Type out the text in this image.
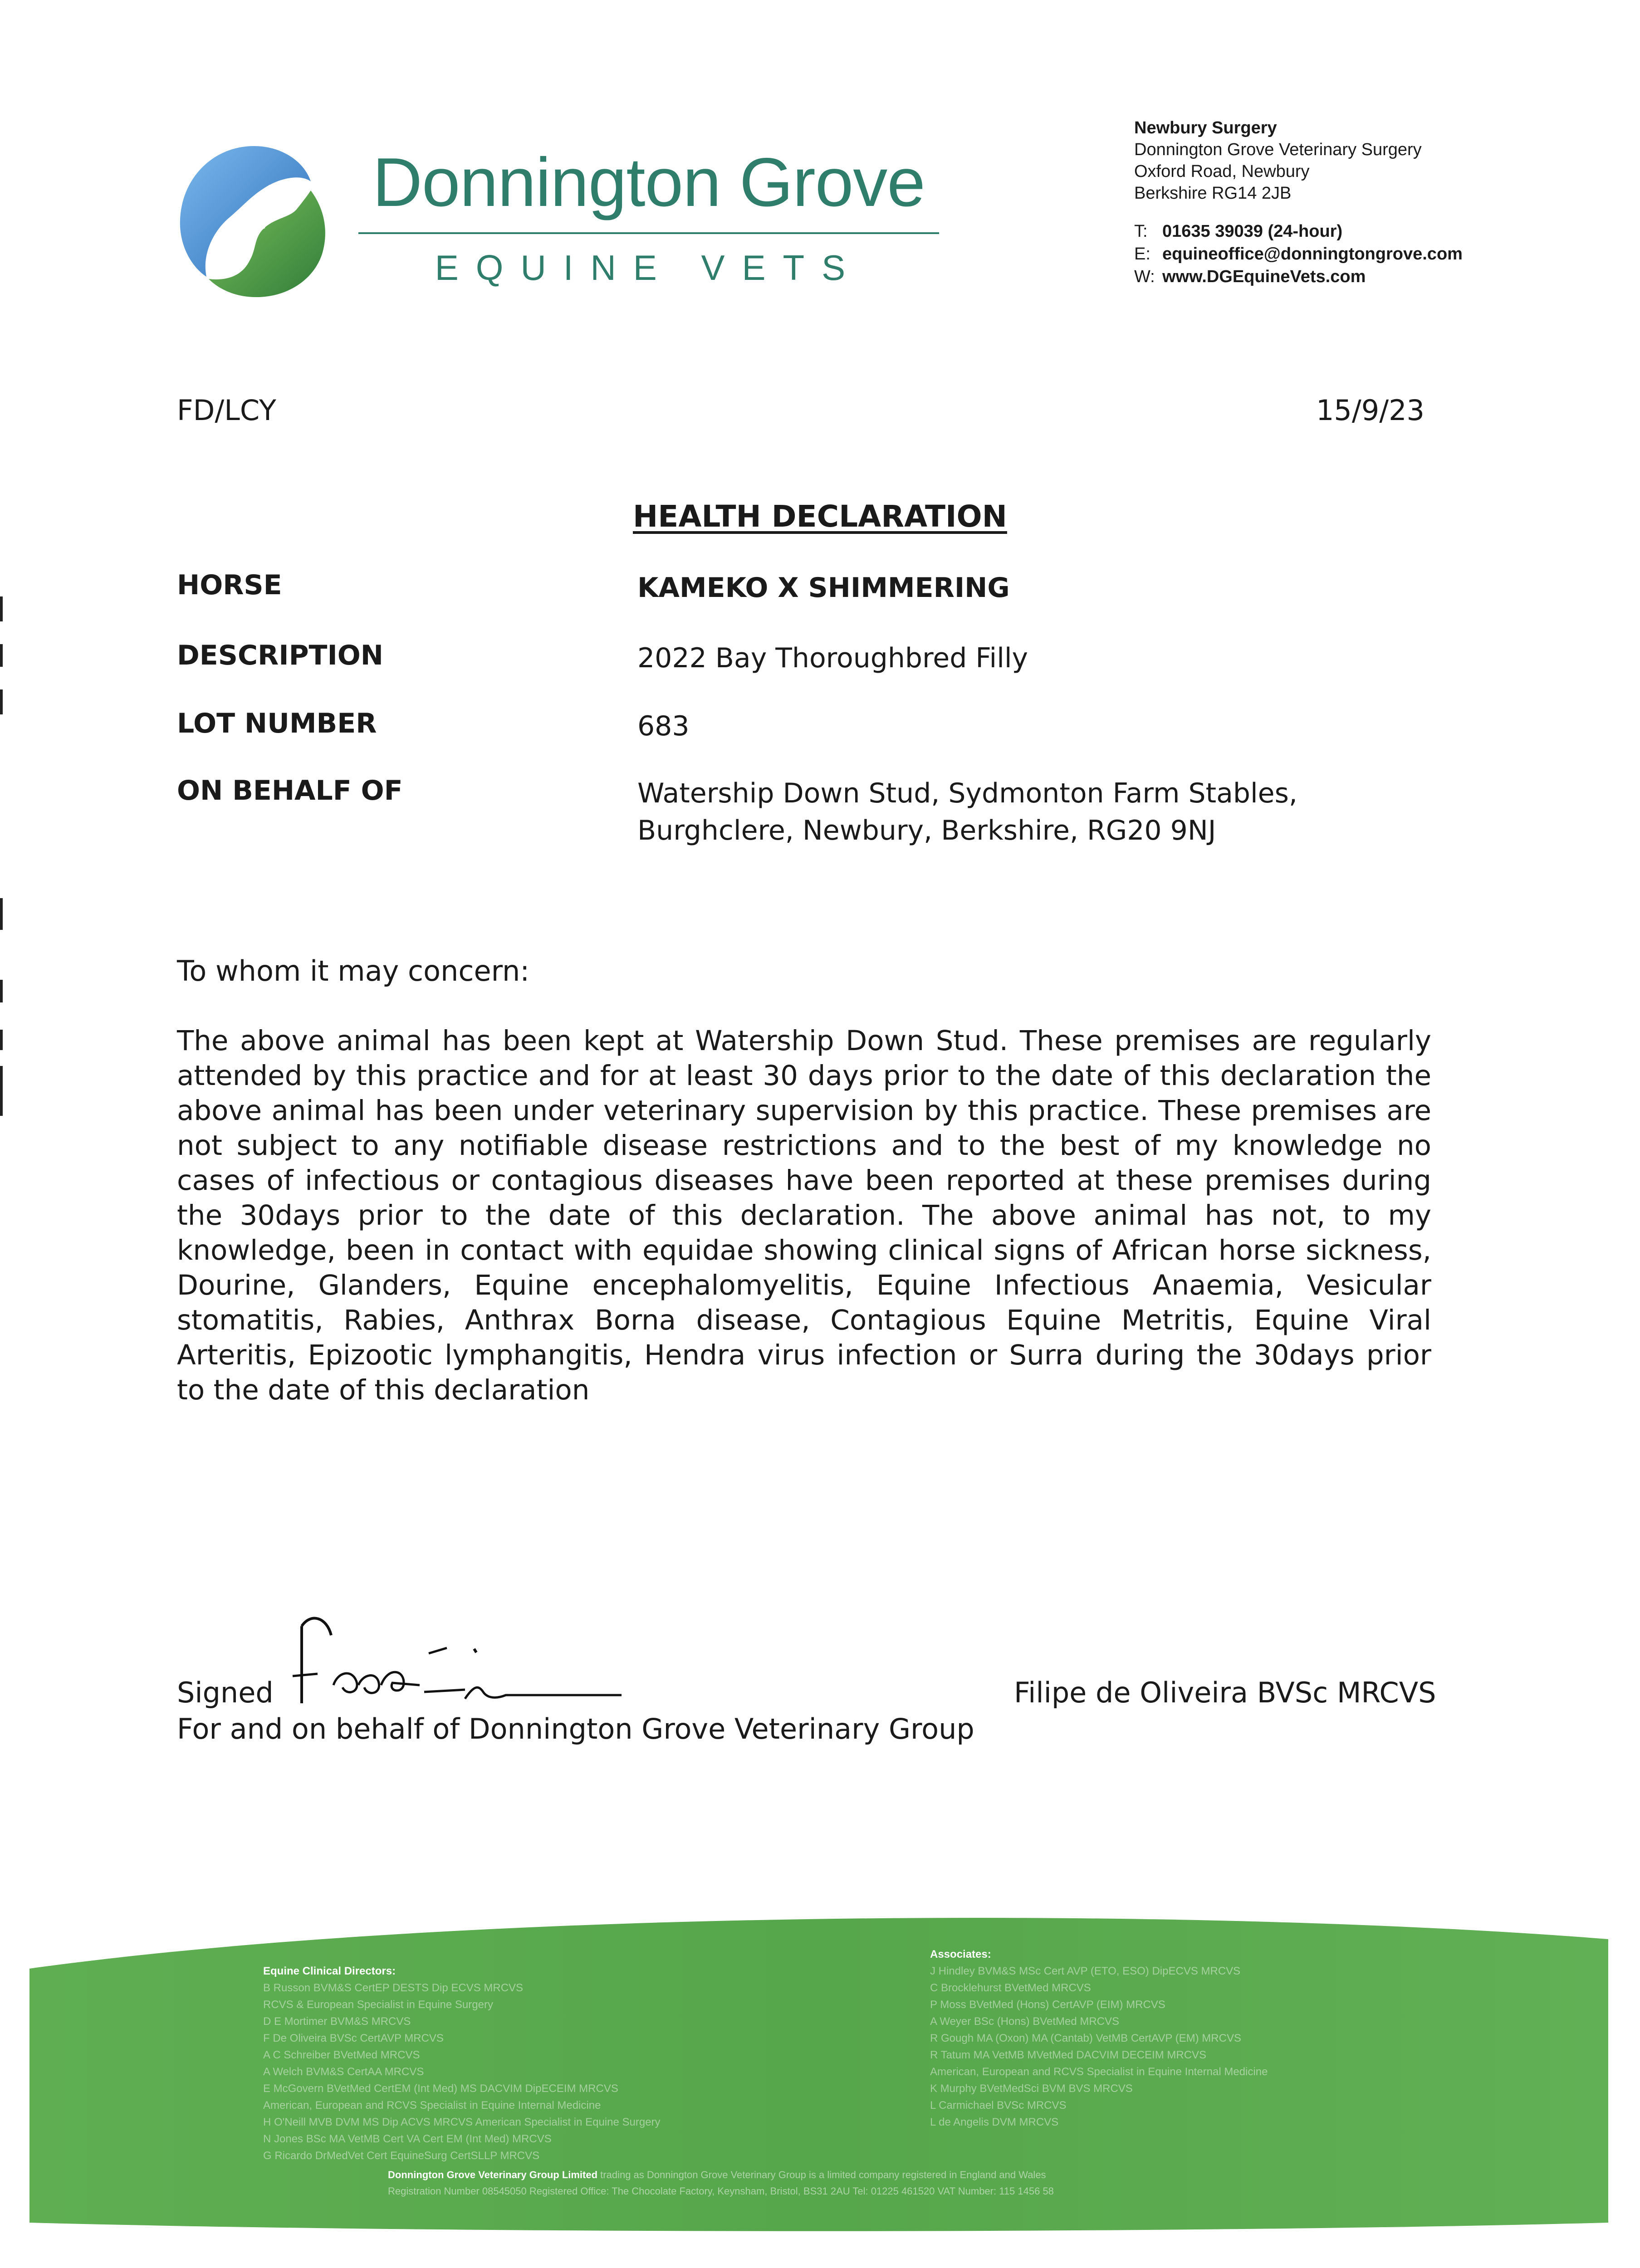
Donnington Grove
EQUINE VETS
Newbury Surgery
Donnington Grove Veterinary Surgery
Oxford Road, Newbury
Berkshire RG14 2JB
T: 01635 39039 (24-hour)
E: equineoffice@donningtongrove.com
W: www.DGEquineVets.com
FD/LCY	15/9/23
HEALTH DECLARATION
HORSE	KAMEKO X SHIMMERING
DESCRIPTION	2022 Bay Thoroughbred Filly
LOT NUMBER	683
ON BEHALF OF	Watership Down Stud, Sydmonton Farm Stables,
Burghclere, Newbury, Berkshire, RG20 9NJ
To whom it may concern:
The above animal has been kept at Watership Down Stud. These premises are regularly attended by this practice and for at least 30 days prior to the date of this declaration the above animal has been under veterinary supervision by this practice. These premises are not subject to any notifiable disease restrictions and to the best of my knowledge no cases of infectious or contagious diseases have been reported at these premises during the 30days prior to the date of this declaration. The above animal has not, to my knowledge, been in contact with equidae showing clinical signs of African horse sickness, Dourine, Glanders, Equine encephalomyelitis, Equine Infectious Anaemia, Vesicular stomatitis, Rabies, Anthrax Borna disease, Contagious Equine Metritis, Equine Viral Arteritis, Epizootic lymphangitis, Hendra virus infection or Surra during the 30days prior to the date of this declaration
Signed
For and on behalf of Donnington Grove Veterinary Group
Filipe de Oliveira BVSc MRCVS
Equine Clinical Directors:
B Russon BVM&S CertEP DESTS Dip ECVS MRCVS
RCVS & European Specialist in Equine Surgery
D E Mortimer BVM&S MRCVS
F De Oliveira BVSc CertAVP MRCVS
A C Schreiber BVetMed MRCVS
A Welch BVM&S CertAA MRCVS
E McGovern BVetMed CertEM (Int Med) MS DACVIM DipECEIM MRCVS
American, European and RCVS Specialist in Equine Internal Medicine
H O'Neill MVB DVM MS Dip ACVS MRCVS American Specialist in Equine Surgery
N Jones BSc MA VetMB Cert VA Cert EM (Int Med) MRCVS
G Ricardo DrMedVet Cert EquineSurg CertSLLP MRCVS
Associates:
J Hindley BVM&S MSc Cert AVP (ETO, ESO) DipECVS MRCVS
C Brocklehurst BVetMed MRCVS
P Moss BVetMed (Hons) CertAVP (EIM) MRCVS
A Weyer BSc (Hons) BVetMed MRCVS
R Gough MA (Oxon) MA (Cantab) VetMB CertAVP (EM) MRCVS
R Tatum MA VetMB MVetMed DACVIM DECEIM MRCVS
American, European and RCVS Specialist in Equine Internal Medicine
K Murphy BVetMedSci BVM BVS MRCVS
L Carmichael BVSc MRCVS
L de Angelis DVM MRCVS
Donnington Grove Veterinary Group Limited trading as Donnington Grove Veterinary Group is a limited company registered in England and Wales
Registration Number 08545050 Registered Office: The Chocolate Factory, Keynsham, Bristol, BS31 2AU Tel: 01225 461520 VAT Number: 115 1456 58
